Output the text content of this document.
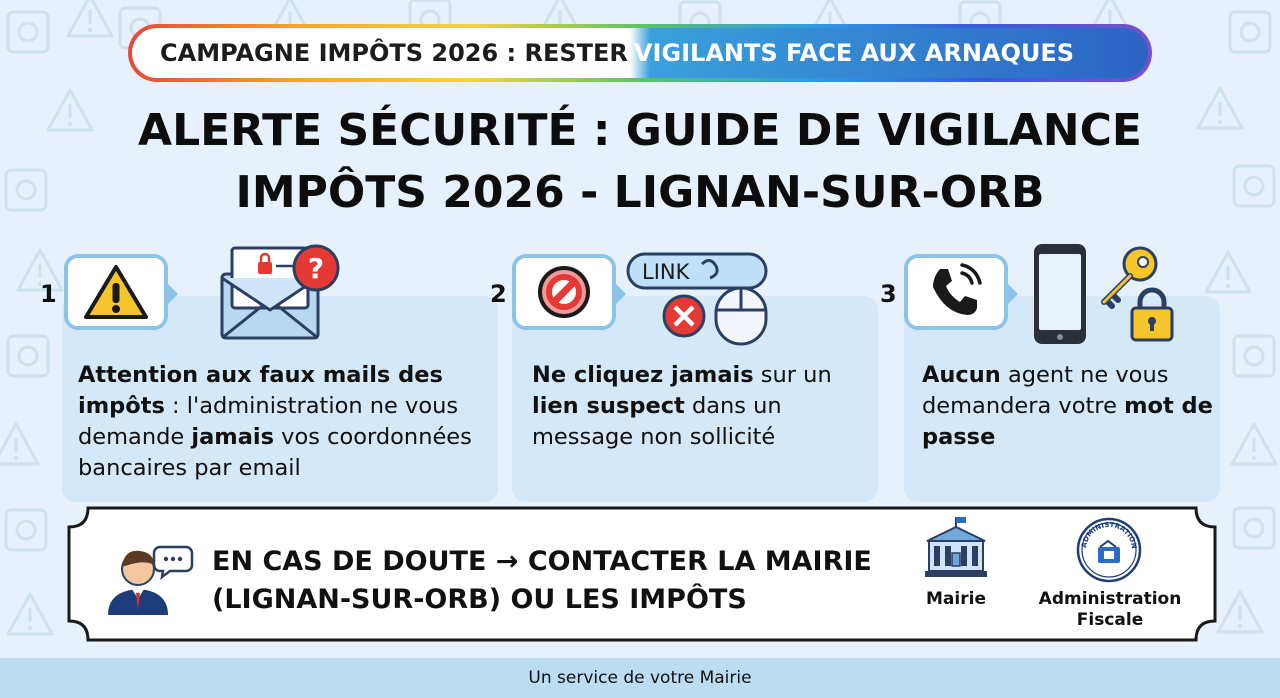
CAMPAGNE IMPÔTS 2026 : RESTER VIGILANTS FACE AUX ARNAQUES
ALERTE SÉCURITÉ : GUIDE DE VIGILANCE
IMPÔTS 2026 - LIGNAN-SUR-ORB
1
?
Attention aux faux mails des impôts : l'administration ne vous demande jamais vos coordonnées bancaires par email
2
LINK
Ne cliquez jamais sur un lien suspect dans un message non sollicité
3
Aucun agent ne vous demandera votre mot de passe
EN CAS DE DOUTE → CONTACTER LA MAIRIE
(LIGNAN-SUR-ORB) OU LES IMPÔTS	Mairie
ADMINISTRATION
Administration
Fiscale
Un service de votre Mairie
